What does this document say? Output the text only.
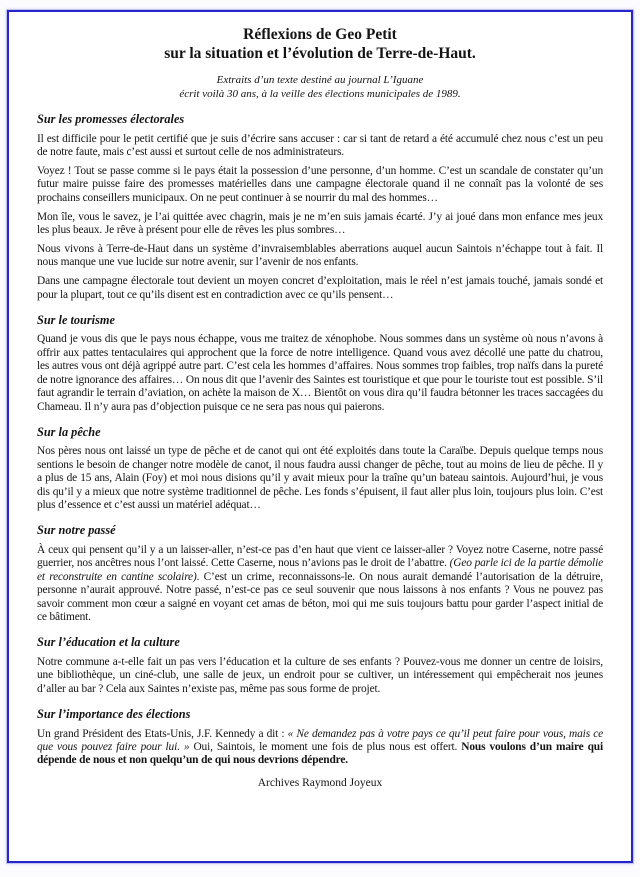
Réflexions de Geo Petit
sur la situation et l’évolution de Terre-de-Haut.
Extraits d’un texte destiné au journal L’Iguane
écrit voilà 30 ans, à la veille des élections municipales de 1989.
Sur les promesses électorales

Il est difficile pour le petit certifié que je suis d’écrire sans accuser : car si tant de retard a été accumulé chez nous c’est un peu de notre faute, mais c’est aussi et surtout celle de nos administrateurs.

Voyez ! Tout se passe comme si le pays était la possession d’une personne, d’un homme. C’est un scandale de constater qu’un futur maire puisse faire des promesses matérielles dans une campagne électorale quand il ne connaît pas la volonté de ses prochains conseillers municipaux. On ne peut continuer à se nourrir du mal des hommes…

Mon île, vous le savez, je l’ai quittée avec chagrin, mais je ne m’en suis jamais écarté. J’y ai joué dans mon enfance mes jeux les plus beaux. Je rêve à présent pour elle de rêves les plus sombres…

Nous vivons à Terre-de-Haut dans un système d’invraisemblables aberrations auquel aucun Saintois n’échappe tout à fait. Il nous manque une vue lucide sur notre avenir, sur l’avenir de nos enfants.

Dans une campagne électorale tout devient un moyen concret d’exploitation, mais le réel n’est jamais touché, jamais sondé et pour la plupart, tout ce qu’ils disent est en contradiction avec ce qu’ils pensent…

Sur le tourisme

Quand je vous dis que le pays nous échappe, vous me traitez de xénophobe. Nous sommes dans un système où nous n’avons à offrir aux pattes tentaculaires qui approchent que la force de notre intelligence. Quand vous avez décollé une patte du chatrou, les autres vous ont déjà agrippé autre part. C’est cela les hommes d’affaires. Nous sommes trop faibles, trop naïfs dans la pureté de notre ignorance des affaires… On nous dit que l’avenir des Saintes est touristique et que pour le touriste tout est possible. S’il faut agrandir le terrain d’aviation, on achète la maison de X… Bientôt on vous dira qu’il faudra bétonner les traces saccagées du Chameau. Il n’y aura pas d’objection puisque ce ne sera pas nous qui paierons.

Sur la pêche

Nos pères nous ont laissé un type de pêche et de canot qui ont été exploités dans toute la Caraïbe. Depuis quelque temps nous sentions le besoin de changer notre modèle de canot, il nous faudra aussi changer de pêche, tout au moins de lieu de pêche. Il y a plus de 15 ans, Alain (Foy) et moi nous disions qu’il y avait mieux pour la traîne qu’un bateau saintois. Aujourd’hui, je vous dis qu’il y a mieux que notre système traditionnel de pêche. Les fonds s’épuisent, il faut aller plus loin, toujours plus loin. C’est plus d’essence et c’est aussi un matériel adéquat…

Sur notre passé

À ceux qui pensent qu’il y a un laisser-aller, n’est-ce pas d’en haut que vient ce laisser-aller ? Voyez notre Caserne, notre passé guerrier, nos ancêtres nous l’ont laissé. Cette Caserne, nous n’avions pas le droit de l’abattre. (Geo parle ici de la partie démolie et reconstruite en cantine scolaire). C’est un crime, reconnaissons-le. On nous aurait demandé l’autorisation de la détruire, personne n’aurait approuvé. Notre passé, n’est-ce pas ce seul souvenir que nous laissons à nos enfants ? Vous ne pouvez pas savoir comment mon cœur a saigné en voyant cet amas de béton, moi qui me suis toujours battu pour garder l’aspect initial de ce bâtiment.

Sur l’éducation et la culture

Notre commune a-t-elle fait un pas vers l’éducation et la culture de ses enfants ? Pouvez-vous me donner un centre de loisirs, une bibliothèque, un ciné-club, une salle de jeux, un endroit pour se cultiver, un intéressement qui empêcherait nos jeunes d’aller au bar ? Cela aux Saintes n’existe pas, même pas sous forme de projet.

Sur l’importance des élections

Un grand Président des Etats-Unis, J.F. Kennedy a dit : « Ne demandez pas à votre pays ce qu’il peut faire pour vous, mais ce que vous pouvez faire pour lui. » Oui, Saintois, le moment une fois de plus nous est offert. Nous voulons d’un maire qui dépende de nous et non quelqu’un de qui nous devrions dépendre.

Archives Raymond Joyeux
